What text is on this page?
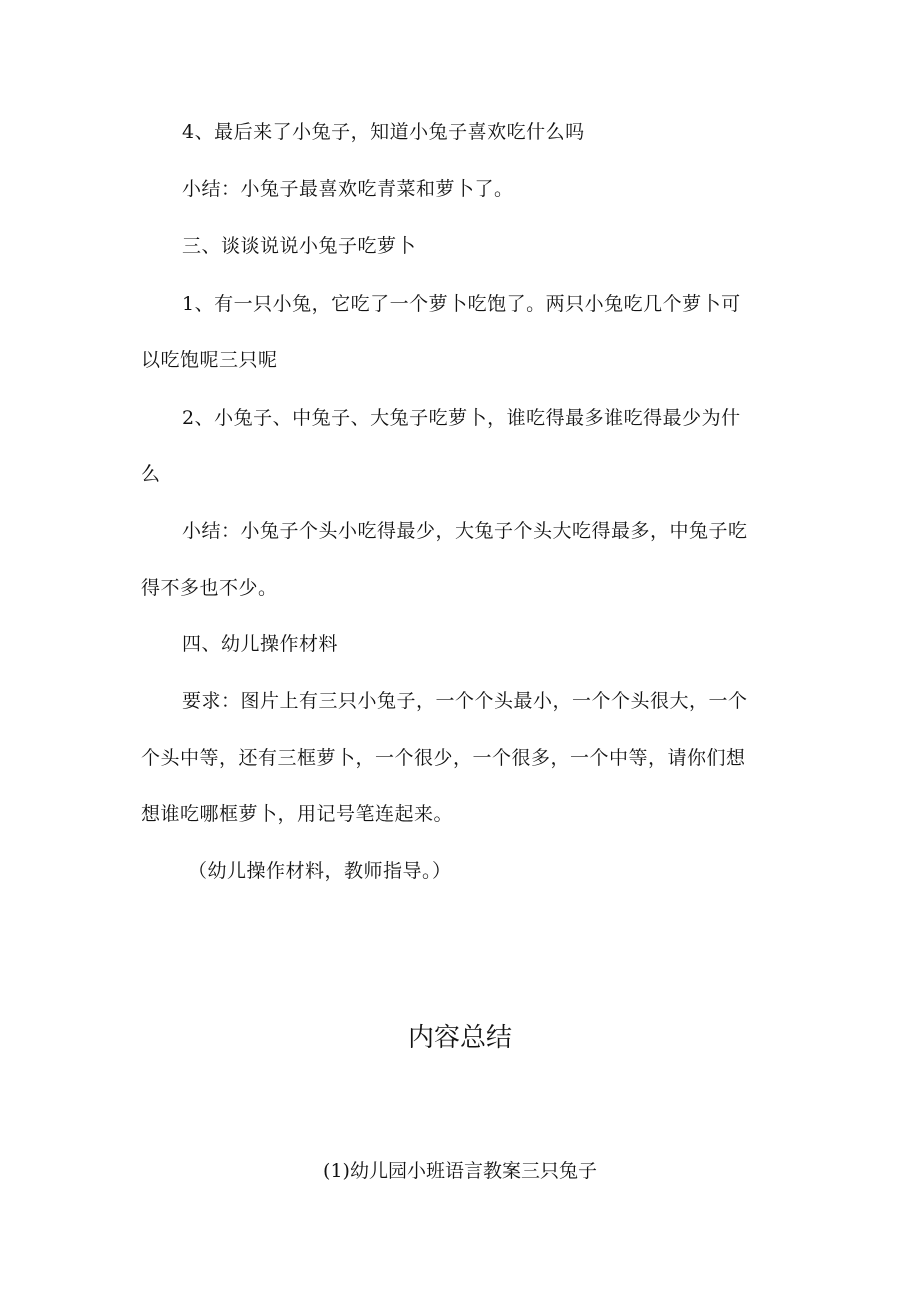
4、最后来了小兔子，知道小兔子喜欢吃什么吗
小结：小兔子最喜欢吃青菜和萝卜了。
三、谈谈说说小兔子吃萝卜
1、有一只小兔，它吃了一个萝卜吃饱了。两只小兔吃几个萝卜可
以吃饱呢三只呢
2、小兔子、中兔子、大兔子吃萝卜，谁吃得最多谁吃得最少为什
么
小结：小兔子个头小吃得最少，大兔子个头大吃得最多，中兔子吃
得不多也不少。
四、幼儿操作材料
要求：图片上有三只小兔子，一个个头最小，一个个头很大，一个
个头中等，还有三框萝卜，一个很少，一个很多，一个中等，请你们想
想谁吃哪框萝卜，用记号笔连起来。
（幼儿操作材料，教师指导。）
内容总结
(1)幼儿园小班语言教案三只兔子
